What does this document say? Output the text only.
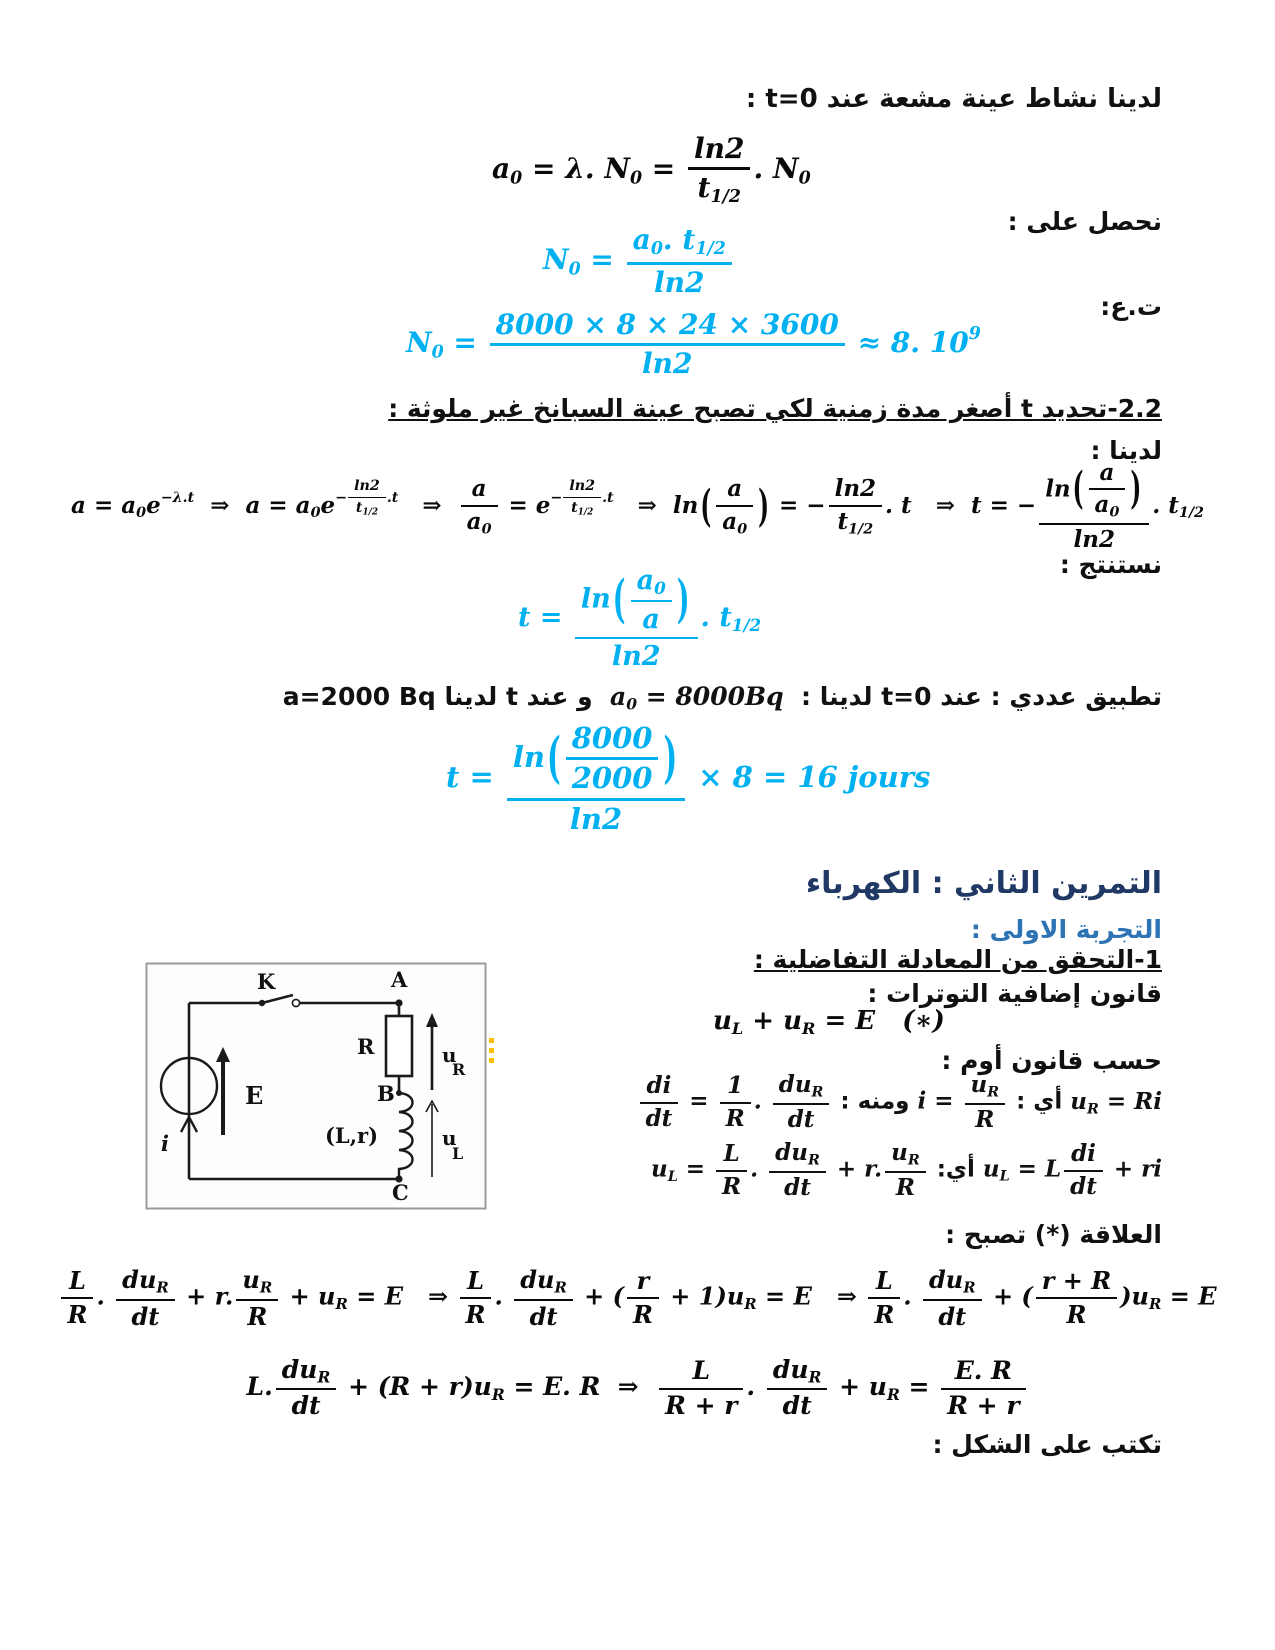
لدينا نشاط عينة مشعة عند t=0 :
$a_0 = \lambda$. $N_0 = \frac{\ln 2}{t_{1/2}}$ . $N_0$
نحصل على :
$N_0 = \frac{a_0. t_{1/2}}{\ln 2}$
ت.ع:
$N_0 = \frac{8000 \times 8 \times 24 \times 3600}{\ln 2} \approx 8$. $10^9$
2.2-تحديد t أصغر مدة زمنية لكي تصبح عينة السبانخ غير ملوثة :
لدينا :
$a = a_0e^{-\lambda.t}$  ⇒  $a = a_0e^{- \frac{\ln 2}{t_{1/2}} .t}$   ⇒ $\frac{a}{a_0} = e^{- \frac{\ln 2}{t_{1/2}} .t}$   ⇒  $\ln( \frac{a}{a_0}$ ) = − $\frac{\ln 2}{t_{1/2}}$ . t   ⇒  t = − $\frac{\ln( \frac{a}{a_0} )}{\ln 2}$ . $t_{1/2}$
نستنتج :
$t = \frac{\ln( \frac{a_0}{a} )}{\ln 2}$ . $t_{1/2}$
تطبيق عددي : عند t=0 لدينا :  $a_0 = 8000Bq$  و عند t لدينا a=2000 Bq
$t = \frac{\ln( \frac{8000}{2000} )}{\ln 2} \times 8 = 16$ jours
التمرين الثاني : الكهرباء
التجربة الاولى :
1-التحقق من المعادلة التفاضلية :
قانون إضافية التوترات :
$u_L + u_R = E$   (∗)
حسب قانون أوم :
$u_R = Ri$ أي : $i = \frac{u_R}{R}$
ومنه :
$\frac{di}{dt} = \frac{1}{R}$ . $\frac{du_R}{dt}$
$u_L = L \frac{di}{dt}$ + ri أي: $u_L = \frac{L}{R}$ . $\frac{du_R}{dt} + r$. $\frac{u_R}{R}$
العلاقة (*) تصبح :
$\frac{L}{R}$ . $\frac{du_R}{dt} + r$. $\frac{u_R}{R} + u_R = E$   ⇒ $\frac{L}{R}$ . $\frac{du_R}{dt}$ + ( $\frac{r}{R} + 1)u_R = E$   ⇒ $\frac{L}{R}$ . $\frac{du_R}{dt}$ + ( $\frac{r + R}{R} )u_R = E$
L. $\frac{du_R}{dt} + (R + r)u_R = E$. R  ⇒ $\frac{L}{R + r}$ . $\frac{du_R}{dt} + u_R = \frac{E. R}{R + r}$
تكتب على الشكل :
K	A
R
B
(L,r)
C
E
i
u
R
u
L
